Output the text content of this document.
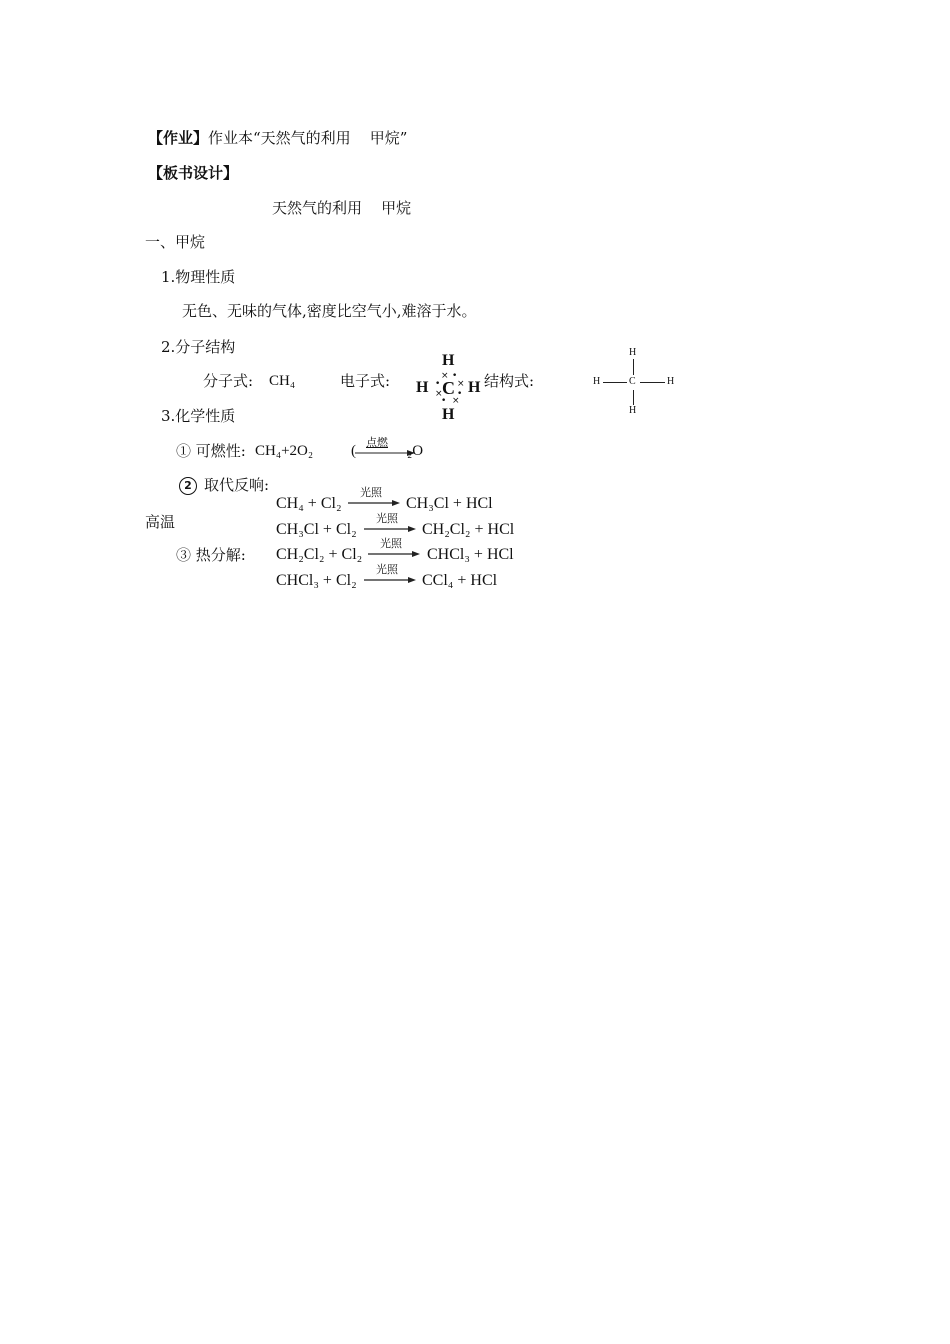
【作业】作业本“天然气的利用    甲烷”
【板书设计】
天然气的利用    甲烷
一、甲烷
1.物理性质
无色、无味的气体,密度比空气小,难溶于水。
2.分子结构
分子式: CH₄	电子式:
H
H C H
H
× •
•
×
×
•
• ×
结构式:
H
H	C	H
H
3.化学性质
① 可燃性: CH₄+2O₂	(
点燃
₂O
2 取代反响:
高温
③ 热分解:
CH₄ + Cl₂
光照
→ CH₃Cl + HCl
CH₃Cl + Cl₂
光照
→ CH₂Cl₂ + HCl
CH₂Cl₂ + Cl₂
光照
→ CHCl₃ + HCl
CHCl₃ + Cl₂
光照
→ CCl₄ + HCl
